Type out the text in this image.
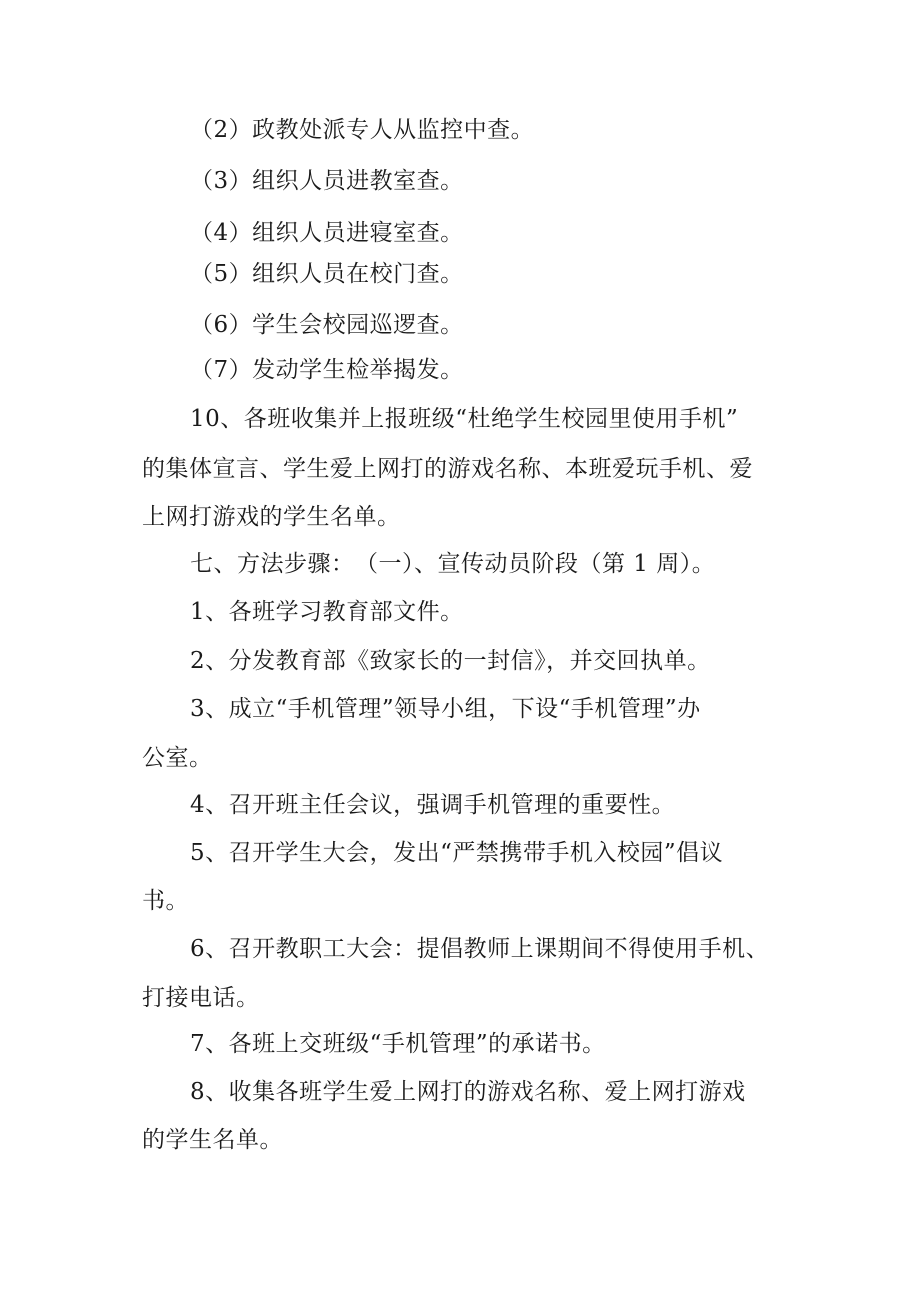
（2）政教处派专人从监控中查。
（3）组织人员进教室查。
（4）组织人员进寝室查。
（5）组织人员在校门查。
（6）学生会校园巡逻查。
（7）发动学生检举揭发。
10、各班收集并上报班级“杜绝学生校园里使用手机”
的集体宣言、学生爱上网打的游戏名称、本班爱玩手机、爱
上网打游戏的学生名单。
七、方法步骤：　（一）、宣传动员阶段（第 1 周）。
1、各班学习教育部文件。
2、分发教育部《致家长的一封信》，并交回执单。
3、成立“手机管理”领导小组，下设“手机管理”办
公室。
4、召开班主任会议，强调手机管理的重要性。
5、召开学生大会，发出“严禁携带手机入校园”倡议
书。
6、召开教职工大会：提倡教师上课期间不得使用手机、
打接电话。
7、各班上交班级“手机管理”的承诺书。
8、收集各班学生爱上网打的游戏名称、爱上网打游戏
的学生名单。
